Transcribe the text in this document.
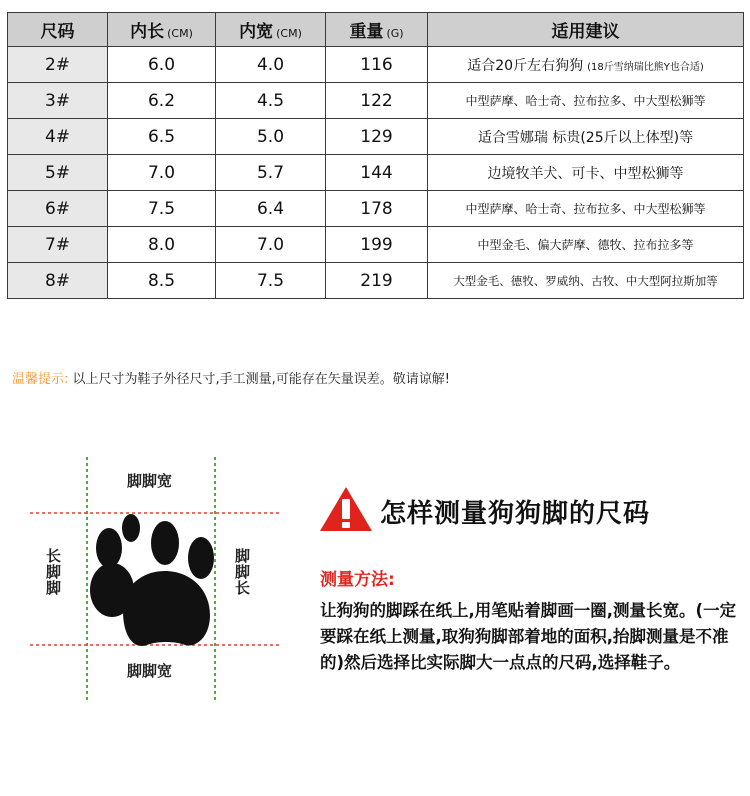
尺码	内长 (CM)	内宽 (CM)	重量 (G)	适用建议
2#	6.0	4.0	116	适合20斤左右狗狗 (18斤雪纳瑞比熊Y也合适)
3#	6.2	4.5	122	中型萨摩、哈士奇、拉布拉多、中大型松狮等
4#	6.5	5.0	129	适合雪娜瑞 标贵(25斤以上体型)等
5#	7.0	5.7	144	边境牧羊犬、可卡、中型松狮等
6#	7.5	6.4	178	中型萨摩、哈士奇、拉布拉多、中大型松狮等
7#	8.0	7.0	199	中型金毛、偏大萨摩、德牧、拉布拉多等
8#	8.5	7.5	219	大型金毛、德牧、罗威纳、古牧、中大型阿拉斯加等
温馨提示: 以上尺寸为鞋子外径尺寸,手工测量,可能存在矢量误差。敬请谅解!
脚脚宽
脚脚宽
长脚脚	脚脚长
怎样测量狗狗脚的尺码
测量方法:
让狗狗的脚踩在纸上,用笔贴着脚画一圈,测量长宽。(一定要踩在纸上测量,取狗狗脚部着地的面积,抬脚测量是不准的)然后选择比实际脚大一点点的尺码,选择鞋子。
